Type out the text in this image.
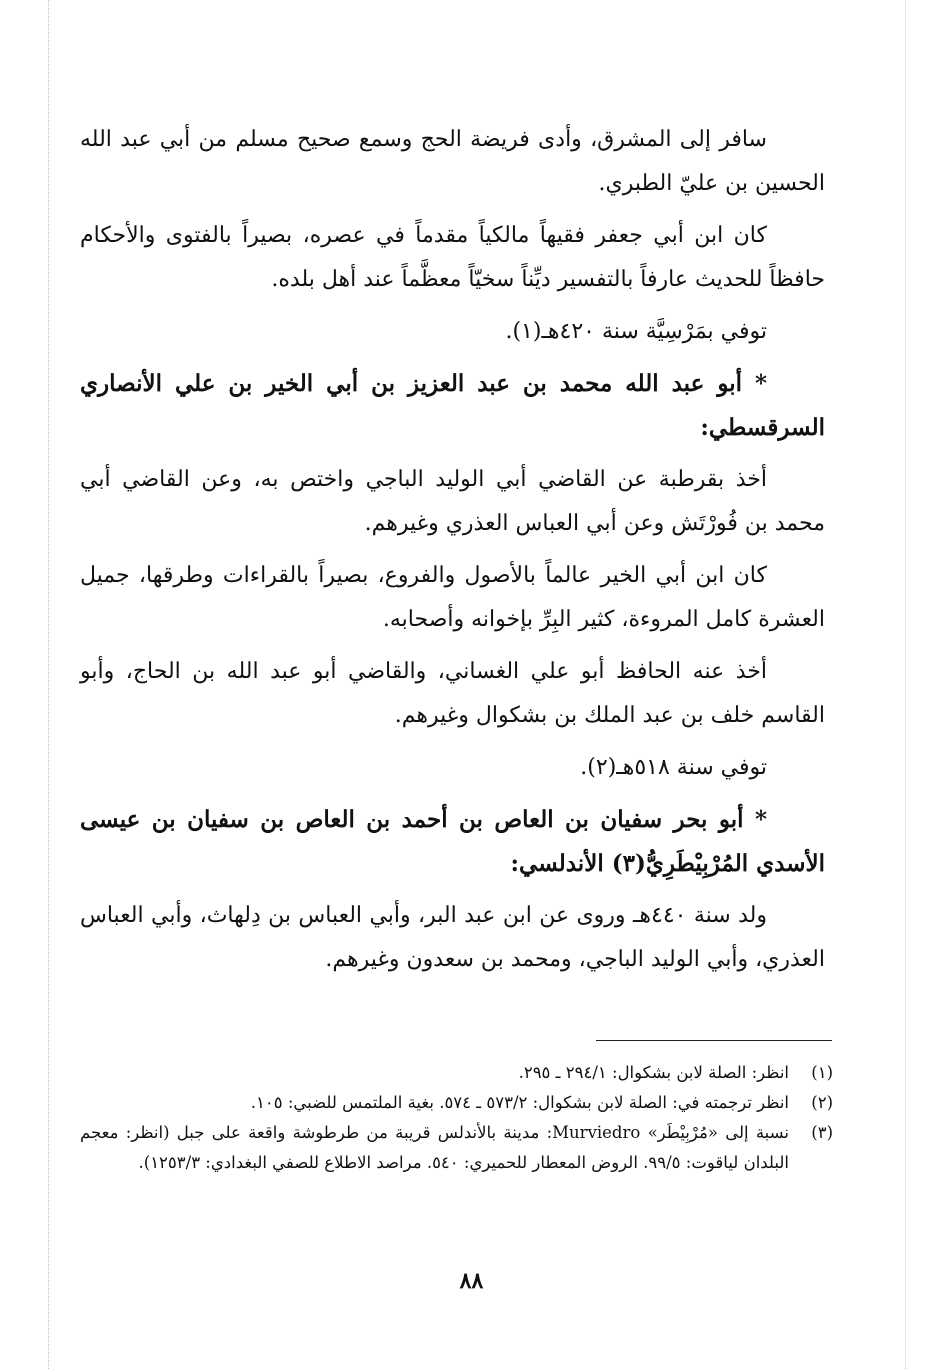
سافر إلى المشرق، وأدى فريضة الحج وسمع صحيح مسلم من أبي عبد الله الحسين بن عليّ الطبري.

كان ابن أبي جعفر فقيهاً مالكياً مقدماً في عصره، بصيراً بالفتوى والأحكام حافظاً للحديث عارفاً بالتفسير ديِّناً سخيّاً معظَّماً عند أهل بلده.

توفي بمَرْسِيَّة سنة ٤٢٠هـ(١).

* أبو عبد الله محمد بن عبد العزيز بن أبي الخير بن علي الأنصاري السرقسطي:

أخذ بقرطبة عن القاضي أبي الوليد الباجي واختص به، وعن القاضي أبي محمد بن فُورْتَش وعن أبي العباس العذري وغيرهم.

كان ابن أبي الخير عالماً بالأصول والفروع، بصيراً بالقراءات وطرقها، جميل العشرة كامل المروءة، كثير البِرِّ بإخوانه وأصحابه.

أخذ عنه الحافظ أبو علي الغساني، والقاضي أبو عبد الله بن الحاج، وأبو القاسم خلف بن عبد الملك بن بشكوال وغيرهم.

توفي سنة ٥١٨هـ(٢).

* أبو بحر سفيان بن العاص بن أحمد بن العاص بن سفيان بن عيسى الأسدي المُرْبِيْطَرِيُّ(٣) الأندلسي:

ولد سنة ٤٤٠هـ وروى عن ابن عبد البر، وأبي العباس بن دِلهاث، وأبي العباس العذري، وأبي الوليد الباجي، ومحمد بن سعدون وغيرهم.

(١)
انظر: الصلة لابن بشكوال: ٢٩٤/١ ـ ٢٩٥.

(٢)
انظر ترجمته في: الصلة لابن بشكوال: ٥٧٣/٢ ـ ٥٧٤. بغية الملتمس للضبي: ١٠٥.

(٣)
نسبة إلى «مُرْبِيْطَر» Murviedro: مدينة بالأندلس قريبة من طرطوشة واقعة على جبل (انظر: معجم البلدان لياقوت: ٩٩/٥. الروض المعطار للحميري: ٥٤٠. مراصد الاطلاع للصفي البغدادي: ١٢٥٣/٣).

٨٨
